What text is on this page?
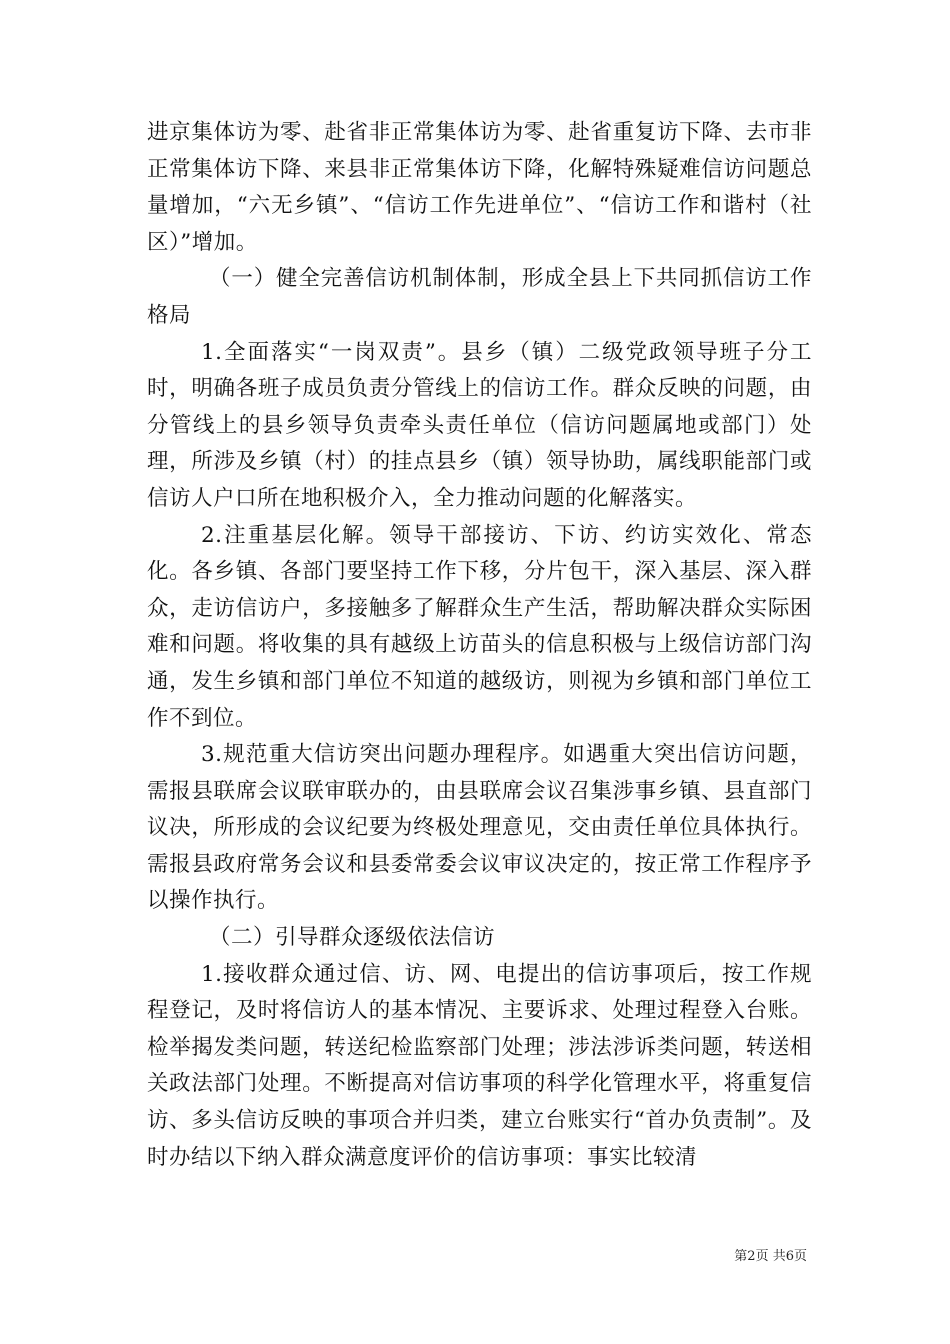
进京集体访为零、赴省非正常集体访为零、赴省重复访下降、去市非正常集体访下降、来县非正常集体访下降，化解特殊疑难信访问题总量增加，“六无乡镇”、“信访工作先进单位”、“信访工作和谐村（社区）”增加。

（一）健全完善信访机制体制，形成全县上下共同抓信访工作格局

1.全面落实“一岗双责”。县乡（镇）二级党政领导班子分工时，明确各班子成员负责分管线上的信访工作。群众反映的问题，由分管线上的县乡领导负责牵头责任单位（信访问题属地或部门）处理，所涉及乡镇（村）的挂点县乡（镇）领导协助，属线职能部门或信访人户口所在地积极介入，全力推动问题的化解落实。

2.注重基层化解。领导干部接访、下访、约访实效化、常态化。各乡镇、各部门要坚持工作下移，分片包干，深入基层、深入群众，走访信访户，多接触多了解群众生产生活，帮助解决群众实际困难和问题。将收集的具有越级上访苗头的信息积极与上级信访部门沟通，发生乡镇和部门单位不知道的越级访，则视为乡镇和部门单位工作不到位。

3.规范重大信访突出问题办理程序。如遇重大突出信访问题，需报县联席会议联审联办的，由县联席会议召集涉事乡镇、县直部门议决，所形成的会议纪要为终极处理意见，交由责任单位具体执行。需报县政府常务会议和县委常委会议审议决定的，按正常工作程序予以操作执行。

（二）引导群众逐级依法信访

1.接收群众通过信、访、网、电提出的信访事项后，按工作规程登记，及时将信访人的基本情况、主要诉求、处理过程登入台账。检举揭发类问题，转送纪检监察部门处理；涉法涉诉类问题，转送相关政法部门处理。不断提高对信访事项的科学化管理水平，将重复信访、多头信访反映的事项合并归类，建立台账实行“首办负责制”。及时办结以下纳入群众满意度评价的信访事项：事实比较清

第2页 共6页
